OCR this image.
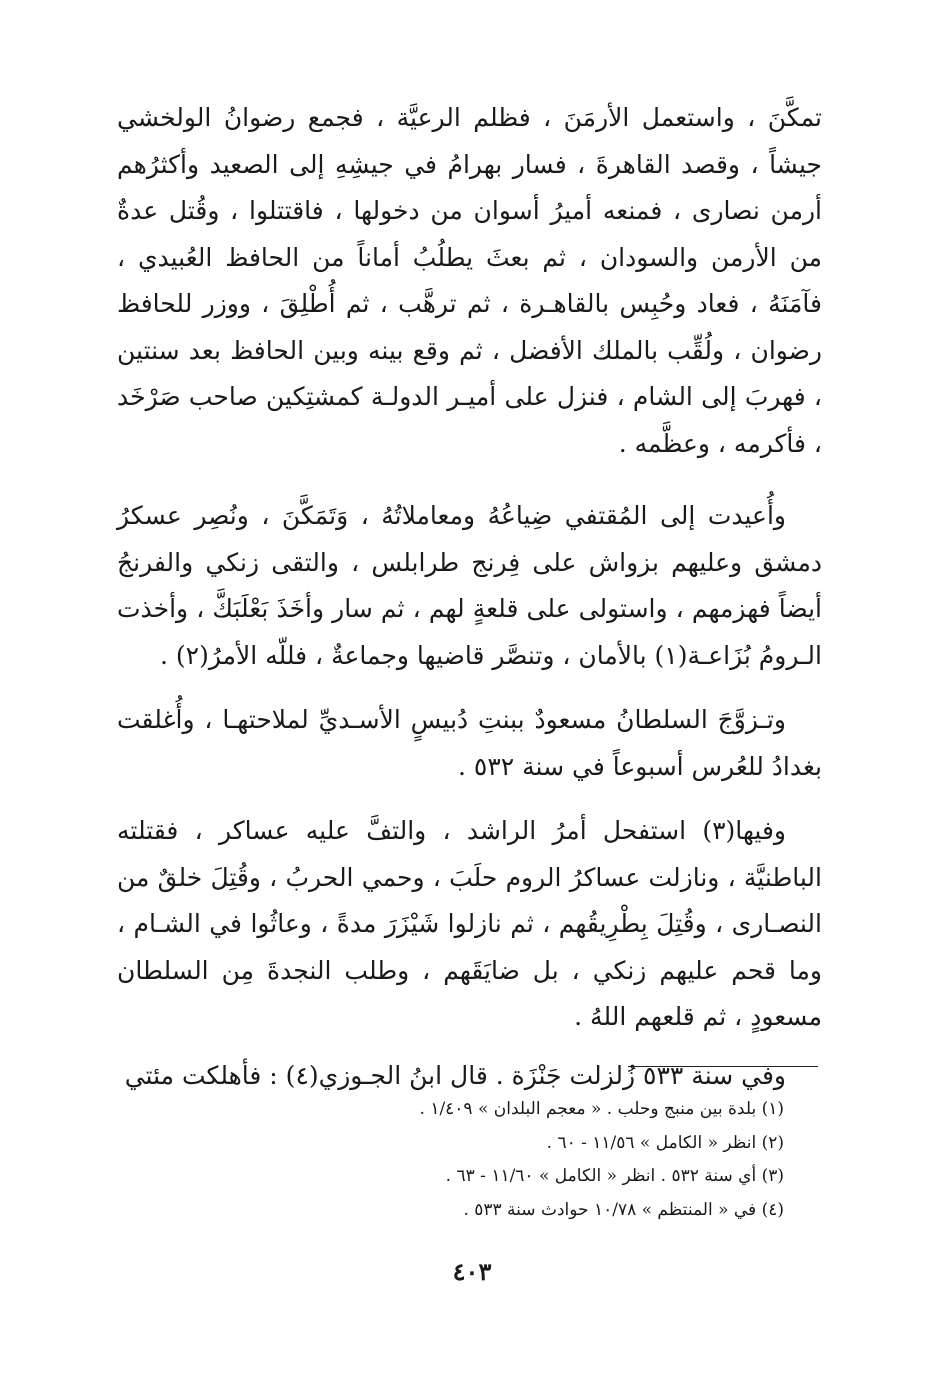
تمكَّنَ ، واستعمل الأرمَنَ ، فظلم الرعيَّة ، فجمع رضوانُ الولخشي جيشاً ، وقصد القاهرةَ ، فسار بهرامُ في جيشِهِ إلى الصعيد وأكثرُهم أرمن نصارى ، فمنعه أميرُ أسوان من دخولها ، فاقتتلوا ، وقُتل عدةٌ من الأرمن والسودان ، ثم بعثَ يطلُبُ أماناً من الحافظ العُبيدي ، فآمَنَهُ ، فعاد وحُبِس بالقاهـرة ، ثم ترهَّب ، ثم أُطْلِقَ ، ووزر للحافظ رضوان ، ولُقِّب بالملك الأفضل ، ثم وقع بينه وبين الحافظ بعد سنتين ، فهربَ إلى الشام ، فنزل على أميـر الدولـة كمشتِكين صاحب صَرْخَد ، فأكرمه ، وعظَّمه .

وأُعيدت إلى المُقتفي ضِياعُهُ ومعاملاتُهُ ، وَتَمَكَّنَ ، ونُصِر عسكرُ دمشق وعليهم بزواش على فِرنج طرابلس ، والتقى زنكي والفرنجُ أيضاً فهزمهم ، واستولى على قلعةٍ لهم ، ثم سار وأخَذَ بَعْلَبَكَّ ، وأخذت الـرومُ بُزَاعـة(١) بالأمان ، وتنصَّر قاضيها وجماعةٌ ، فللّه الأمرُ(٢) .

وتـزوَّجَ السلطانُ مسعودٌ ببنتِ دُبيسٍ الأسـديِّ لملاحتهـا ، وأُغلقت بغدادُ للعُرس أسبوعاً في سنة ٥٣٢ .

وفيها(٣) استفحل أمرُ الراشد ، والتفَّ عليه عساكر ، فقتلته الباطنيَّة ، ونازلت عساكرُ الروم حلَبَ ، وحمي الحربُ ، وقُتِلَ خلقٌ من النصـارى ، وقُتِلَ بِطْرِيقُهم ، ثم نازلوا شَيْزَرَ مدةً ، وعاثُوا في الشـام ، وما قحم عليهم زنكي ، بل ضايَقَهم ، وطلب النجدةَ مِن السلطان مسعودٍ ، ثم قلعهم اللهُ .

وفي سنة ٥٣٣ زُلزلت جَنْزَة . قال ابنُ الجـوزي(٤) : فأهلكت مئتي

(١) بلدة بين منبج وحلب . « معجم البلدان » ١/٤٠٩ .
(٢) انظر « الكامل » ١١/٥٦ - ٦٠ .
(٣) أي سنة ٥٣٢ . انظر « الكامل » ١١/٦٠ - ٦٣ .
(٤) في « المنتظم » ١٠/٧٨ حوادث سنة ٥٣٣ .
٤٠٣
